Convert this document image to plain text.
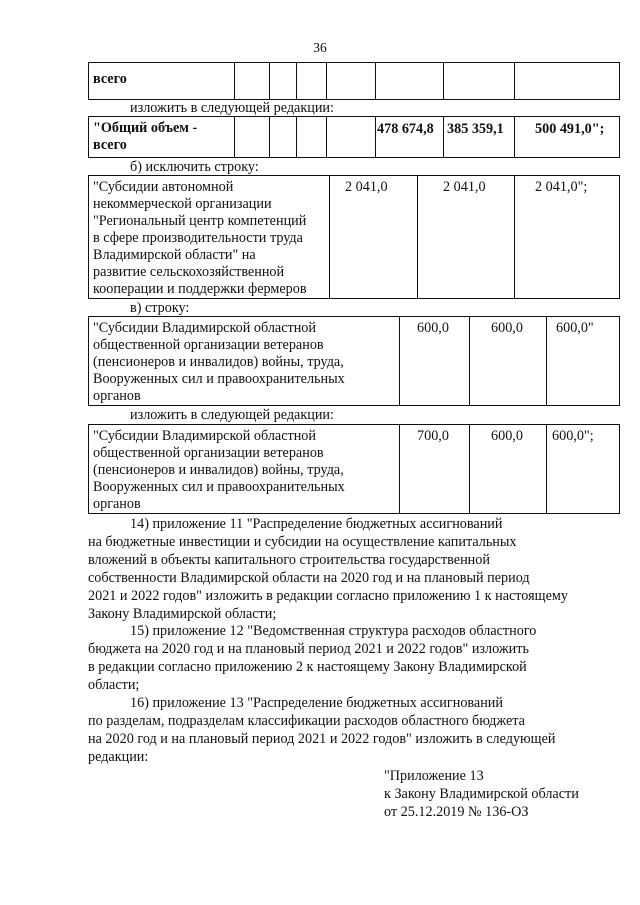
36
всего
изложить в следующей редакции:
"Общий объем -
всего
478 674,8 385 359,1 500 491,0";
б) исключить строку:
"Субсидии автономной
некоммерческой организации
"Региональный центр компетенций
в сфере производительности труда
Владимирской области" на
развитие сельскохозяйственной
кооперации и поддержки фермеров
2 041,0	2 041,0	2 041,0";
в) строку:
"Субсидии Владимирской областной
общественной организации ветеранов
(пенсионеров и инвалидов) войны, труда,
Вооруженных сил и правоохранительных
органов
600,0	600,0 600,0"
изложить в следующей редакции:
"Субсидии Владимирской областной
общественной организации ветеранов
(пенсионеров и инвалидов) войны, труда,
Вооруженных сил и правоохранительных
органов
700,0	600,0 600,0";
14) приложение 11 "Распределение бюджетных ассигнований
на бюджетные инвестиции и субсидии на осуществление капитальных
вложений в объекты капитального строительства государственной
собственности Владимирской области на 2020 год и на плановый период
2021 и 2022 годов" изложить в редакции согласно приложению 1 к настоящему
Закону Владимирской области;
15) приложение 12 "Ведомственная структура расходов областного
бюджета на 2020 год и на плановый период 2021 и 2022 годов" изложить
в редакции согласно приложению 2 к настоящему Закону Владимирской
области;
16) приложение 13 "Распределение бюджетных ассигнований
по разделам, подразделам классификации расходов областного бюджета
на 2020 год и на плановый период 2021 и 2022 годов" изложить в следующей
редакции:
"Приложение 13
к Закону Владимирской области
от 25.12.2019 № 136-ОЗ
